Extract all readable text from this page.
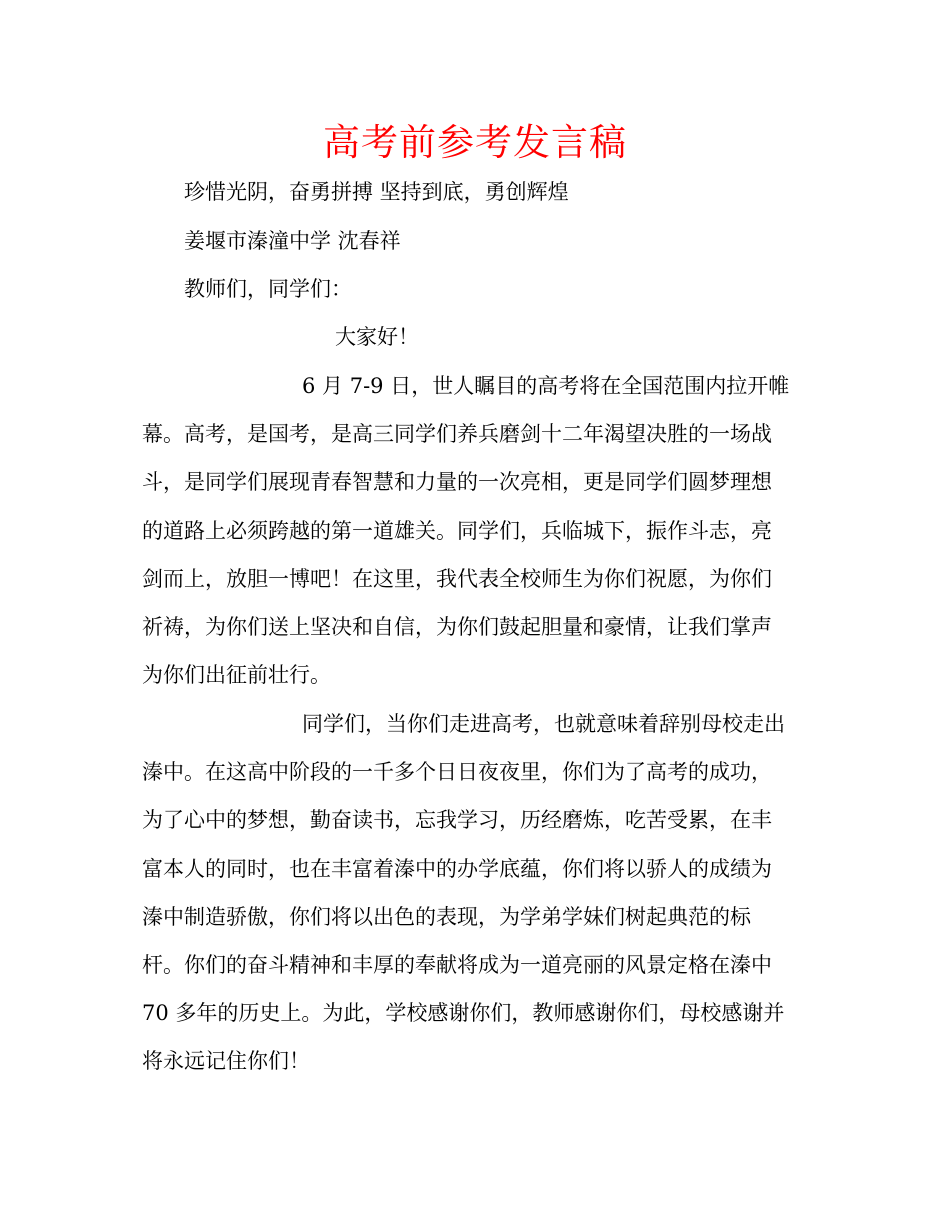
高考前参考发言稿
珍惜光阴，奋勇拼搏 坚持到底，勇创辉煌
姜堰市溱潼中学 沈春祥
教师们，同学们：
大家好！
6 月 7-9 日，世人瞩目的高考将在全国范围内拉开帷
幕。高考，是国考，是高三同学们养兵磨剑十二年渴望决胜的一场战
斗，是同学们展现青春智慧和力量的一次亮相，更是同学们圆梦理想
的道路上必须跨越的第一道雄关。同学们，兵临城下，振作斗志，亮
剑而上，放胆一博吧！在这里，我代表全校师生为你们祝愿，为你们
祈祷，为你们送上坚决和自信，为你们鼓起胆量和豪情，让我们掌声
为你们出征前壮行。
同学们，当你们走进高考，也就意味着辞别母校走出
溱中。在这高中阶段的一千多个日日夜夜里，你们为了高考的成功，
为了心中的梦想，勤奋读书，忘我学习，历经磨炼，吃苦受累，在丰
富本人的同时，也在丰富着溱中的办学底蕴，你们将以骄人的成绩为
溱中制造骄傲，你们将以出色的表现，为学弟学妹们树起典范的标
杆。你们的奋斗精神和丰厚的奉献将成为一道亮丽的风景定格在溱中
70 多年的历史上。为此，学校感谢你们，教师感谢你们，母校感谢并
将永远记住你们！
